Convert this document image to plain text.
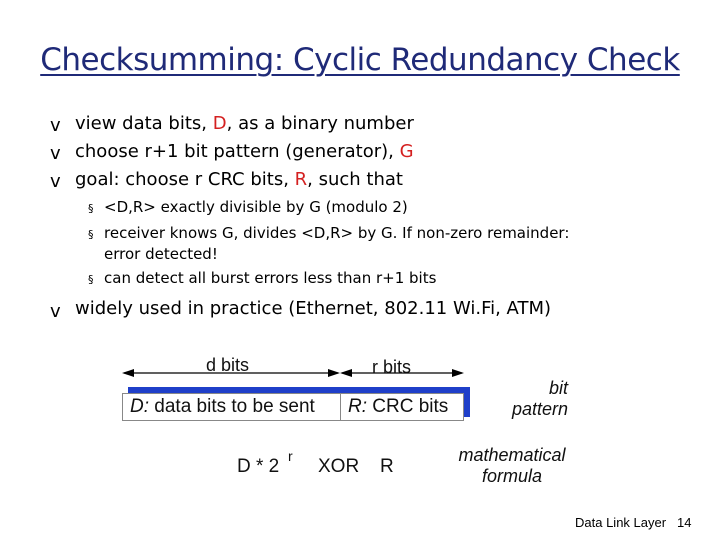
Checksumming: Cyclic Redundancy Check
v view data bits, D, as a binary number
v choose r+1 bit pattern (generator), G
v goal: choose r CRC bits, R, such that
§ <D,R> exactly divisible by G (modulo 2)
§ receiver knows G, divides <D,R> by G. If non-zero remainder:
error detected!
§ can detect all burst errors less than r+1 bits
v widely used in practice (Ethernet, 802.11 Wi.Fi, ATM)
d bits	r bits
D: data bits to be sent R: CRC bits
bit
pattern
D * 2 r XOR R
mathematical
formula
Data Link Layer 14
